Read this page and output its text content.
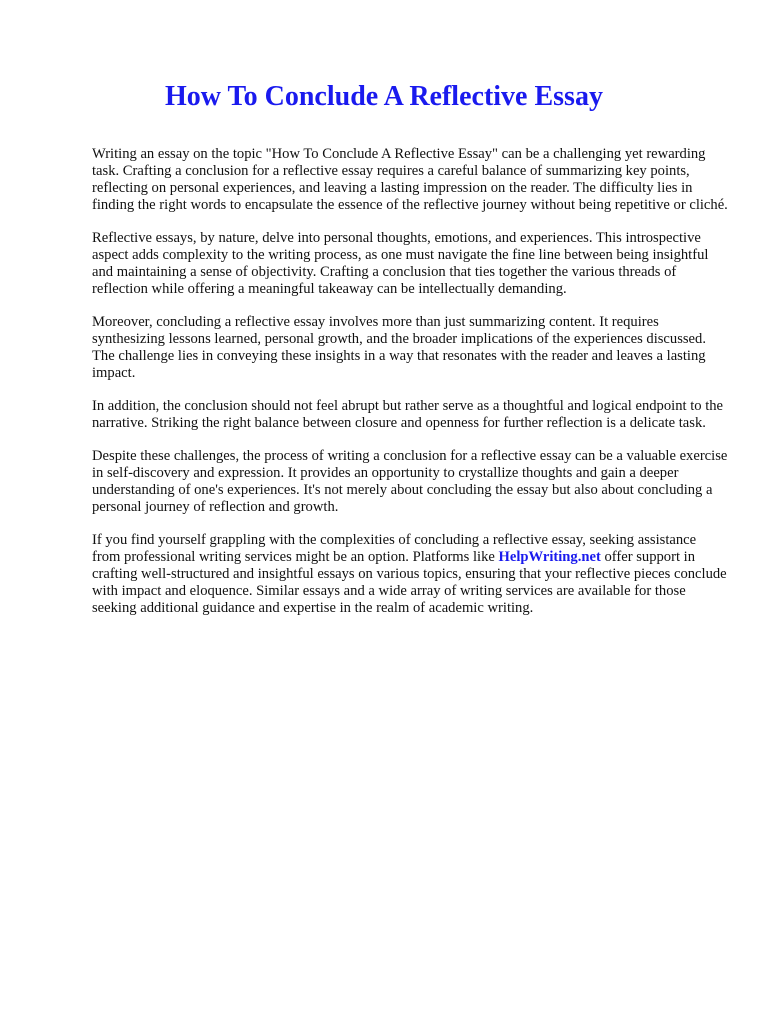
How To Conclude A Reflective Essay

Writing an essay on the topic "How To Conclude A Reflective Essay" can be a challenging yet rewarding task. Crafting a conclusion for a reflective essay requires a careful balance of summarizing key points, reflecting on personal experiences, and leaving a lasting impression on the reader. The difficulty lies in finding the right words to encapsulate the essence of the reflective journey without being repetitive or cliché.

Reflective essays, by nature, delve into personal thoughts, emotions, and experiences. This introspective aspect adds complexity to the writing process, as one must navigate the fine line between being insightful and maintaining a sense of objectivity. Crafting a conclusion that ties together the various threads of reflection while offering a meaningful takeaway can be intellectually demanding.

Moreover, concluding a reflective essay involves more than just summarizing content. It requires synthesizing lessons learned, personal growth, and the broader implications of the experiences discussed. The challenge lies in conveying these insights in a way that resonates with the reader and leaves a lasting impact.

In addition, the conclusion should not feel abrupt but rather serve as a thoughtful and logical endpoint to the narrative. Striking the right balance between closure and openness for further reflection is a delicate task.

Despite these challenges, the process of writing a conclusion for a reflective essay can be a valuable exercise in self-discovery and expression. It provides an opportunity to crystallize thoughts and gain a deeper understanding of one's experiences. It's not merely about concluding the essay but also about concluding a personal journey of reflection and growth.

If you find yourself grappling with the complexities of concluding a reflective essay, seeking assistance from professional writing services might be an option. Platforms like HelpWriting.net offer support in crafting well-structured and insightful essays on various topics, ensuring that your reflective pieces conclude with impact and eloquence. Similar essays and a wide array of writing services are available for those seeking additional guidance and expertise in the realm of academic writing.
